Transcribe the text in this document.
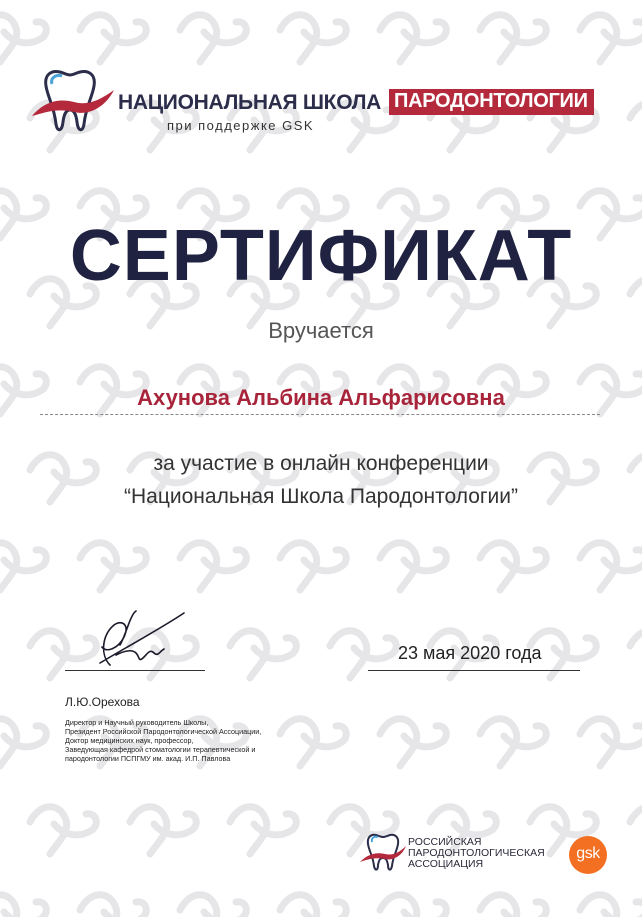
НАЦИОНАЛЬНАЯ ШКОЛА ПАРОДОНТОЛОГИИ
при поддержке GSK
СЕРТИФИКАТ
Вручается
Ахунова Альбина Альфарисовна
за участие в онлайн конференции
“Национальная Школа Пародонтологии”
23 мая 2020 года
Л.Ю.Орехова
Директор и Научный руководитель Школы,
Президент Российской Пародонтологической Ассоциации,
Доктор медицинских наук, профессор,
Заведующая кафедрой стоматологии терапевтической и
пародонтологии ПСПГМУ им. акад. И.П. Павлова
РОССИЙСКАЯ
ПАРОДОНТОЛОГИЧЕСКАЯ
АССОЦИАЦИЯ
gsk
